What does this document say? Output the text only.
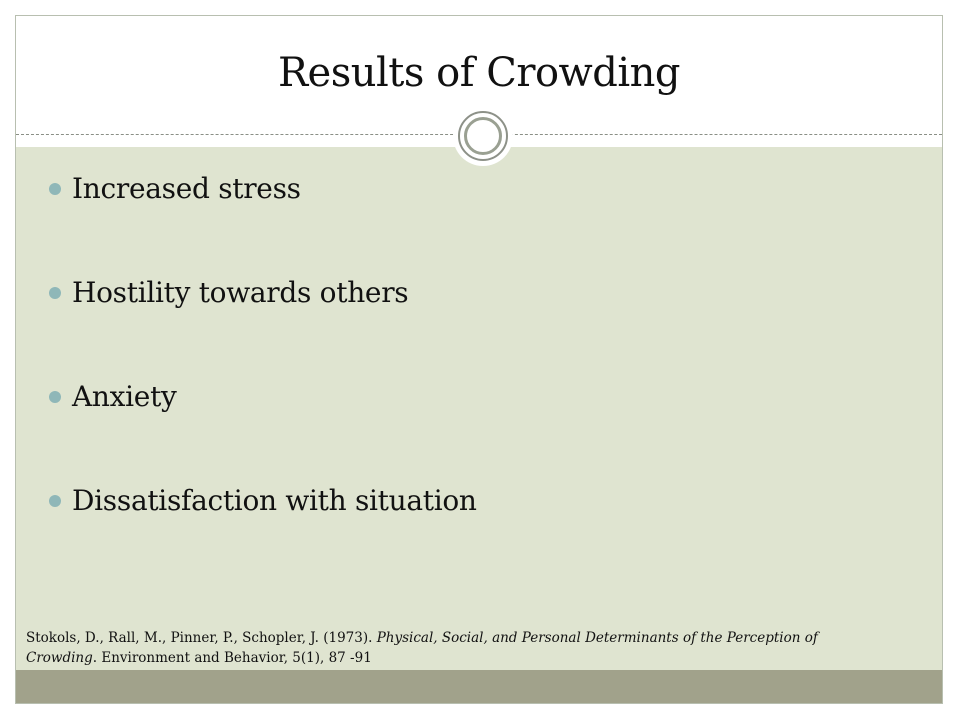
Results of Crowding
Increased stress
Hostility towards others
Anxiety
Dissatisfaction with situation
Stokols, D., Rall, M., Pinner, P., Schopler, J. (1973). Physical, Social, and Personal Determinants of the Perception of Crowding. Environment and Behavior, 5(1), 87 -91
